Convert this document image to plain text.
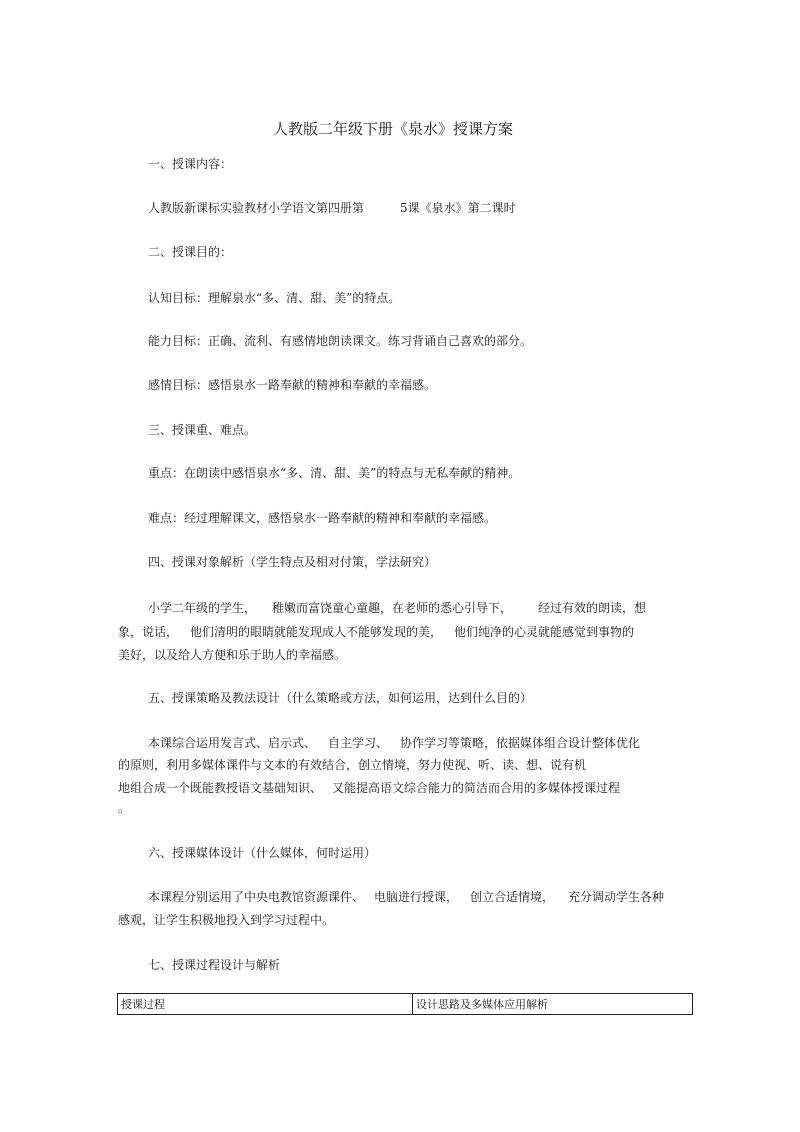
人教版二年级下册《泉水》授课方案
一、授课内容：
人教版新课标实验教材小学语文第四册第	5课《泉水》第二课时
二、授课目的：
认知目标：理解泉水“多、清、甜、美”的特点。
能力目标：正确、流利、有感情地朗读课文。练习背诵自己喜欢的部分。
感情目标：感悟泉水一路奉献的精神和奉献的幸福感。
三、授课重、难点。
重点：在朗读中感悟泉水“多、清、甜、美”的特点与无私奉献的精神。
难点：经过理解课文，感悟泉水一路奉献的精神和奉献的幸福感。
四、授课对象解析（学生特点及相对付策，学法研究）
小学二年级的学生， 稚嫩而富饶童心童趣，在老师的悉心引导下， 经过有效的朗读，想
象，说话， 他们清明的眼睛就能发现成人不能够发现的美， 他们纯净的心灵就能感觉到事物的
美好，以及给人方便和乐于助人的幸福感。
五、授课策略及教法设计（什么策略或方法，如何运用，达到什么目的）
本课综合运用发言式、启示式、 自主学习、 协作学习等策略，依据媒体组合设计整体优化
的原则，利用多媒体课件与文本的有效结合，创立情境，努力使视、听、读、想、说有机
地组合成一个既能教授语文基础知识、 又能提高语文综合能力的简洁而合用的多媒体授课过程
。
六、授课媒体设计（什么媒体，何时运用）
本课程分别运用了中央电教馆资源课件、 电脑进行授课， 创立合适情境， 充分调动学生各种
感观，让学生积极地投入到学习过程中。
七、授课过程设计与解析
授课过程	设计思路及多媒体应用解析
